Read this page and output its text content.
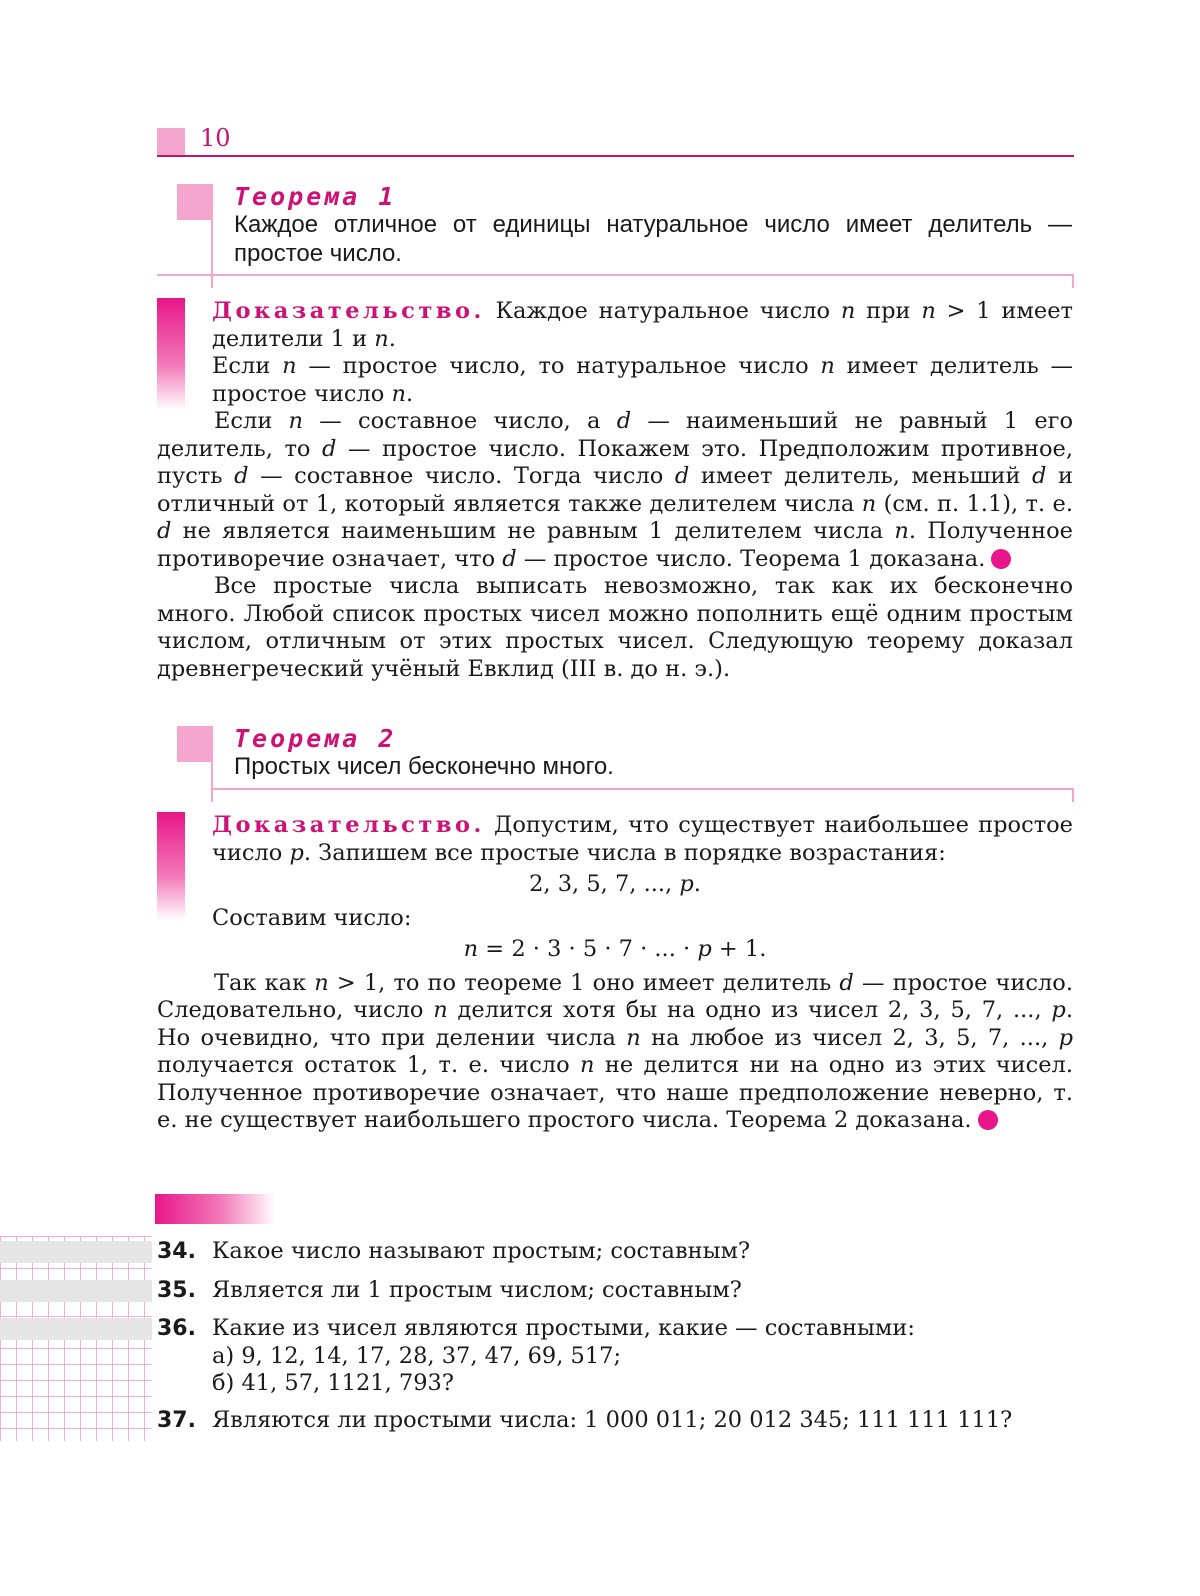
10
Теорема 1
Каждое отличное от единицы натуральное число имеет делитель — простое число.

Доказательство. Каждое натуральное число n при n > 1 имеет делители 1 и n.

Если n — простое число, то натуральное число n имеет делитель — простое число n.

Если n — составное число, а d — наименьший не равный 1 его делитель, то d — простое число. Покажем это. Предположим противное, пусть d — составное число. Тогда число d имеет делитель, меньший d и отличный от 1, который является также делителем числа n (см. п. 1.1), т. е. d не является наименьшим не равным 1 делителем числа n. Полученное противоречие означает, что d — простое число. Теорема 1 доказана.

Все простые числа выписать невозможно, так как их бесконечно много. Любой список простых чисел можно пополнить ещё одним простым числом, отличным от этих простых чисел. Следующую теорему доказал древнегреческий учёный Евклид (III в. до н. э.).

Теорема 2
Простых чисел бесконечно много.

Доказательство. Допустим, что существует наибольшее простое число p. Запишем все простые числа в порядке возрастания:

2, 3, 5, 7, ..., p.

Составим число:

n = 2 · 3 · 5 · 7 · ... · p + 1.

Так как n > 1, то по теореме 1 оно имеет делитель d — простое число. Следовательно, число n делится хотя бы на одно из чисел 2, 3, 5, 7, ..., p. Но очевидно, что при делении числа n на любое из чисел 2, 3, 5, 7, ..., p получается остаток 1, т. е. число n не делится ни на одно из этих чисел. Полученное противоречие означает, что наше предположение неверно, т. е. не существует наибольшего простого числа. Теорема 2 доказана.

34. Какое число называют простым; составным?
35. Является ли 1 простым числом; составным?
36. Какие из чисел являются простыми, какие — составными:
а) 9, 12, 14, 17, 28, 37, 47, 69, 517;
б) 41, 57, 1121, 793?
37. Являются ли простыми числа: 1 000 011; 20 012 345; 111 111 111?
